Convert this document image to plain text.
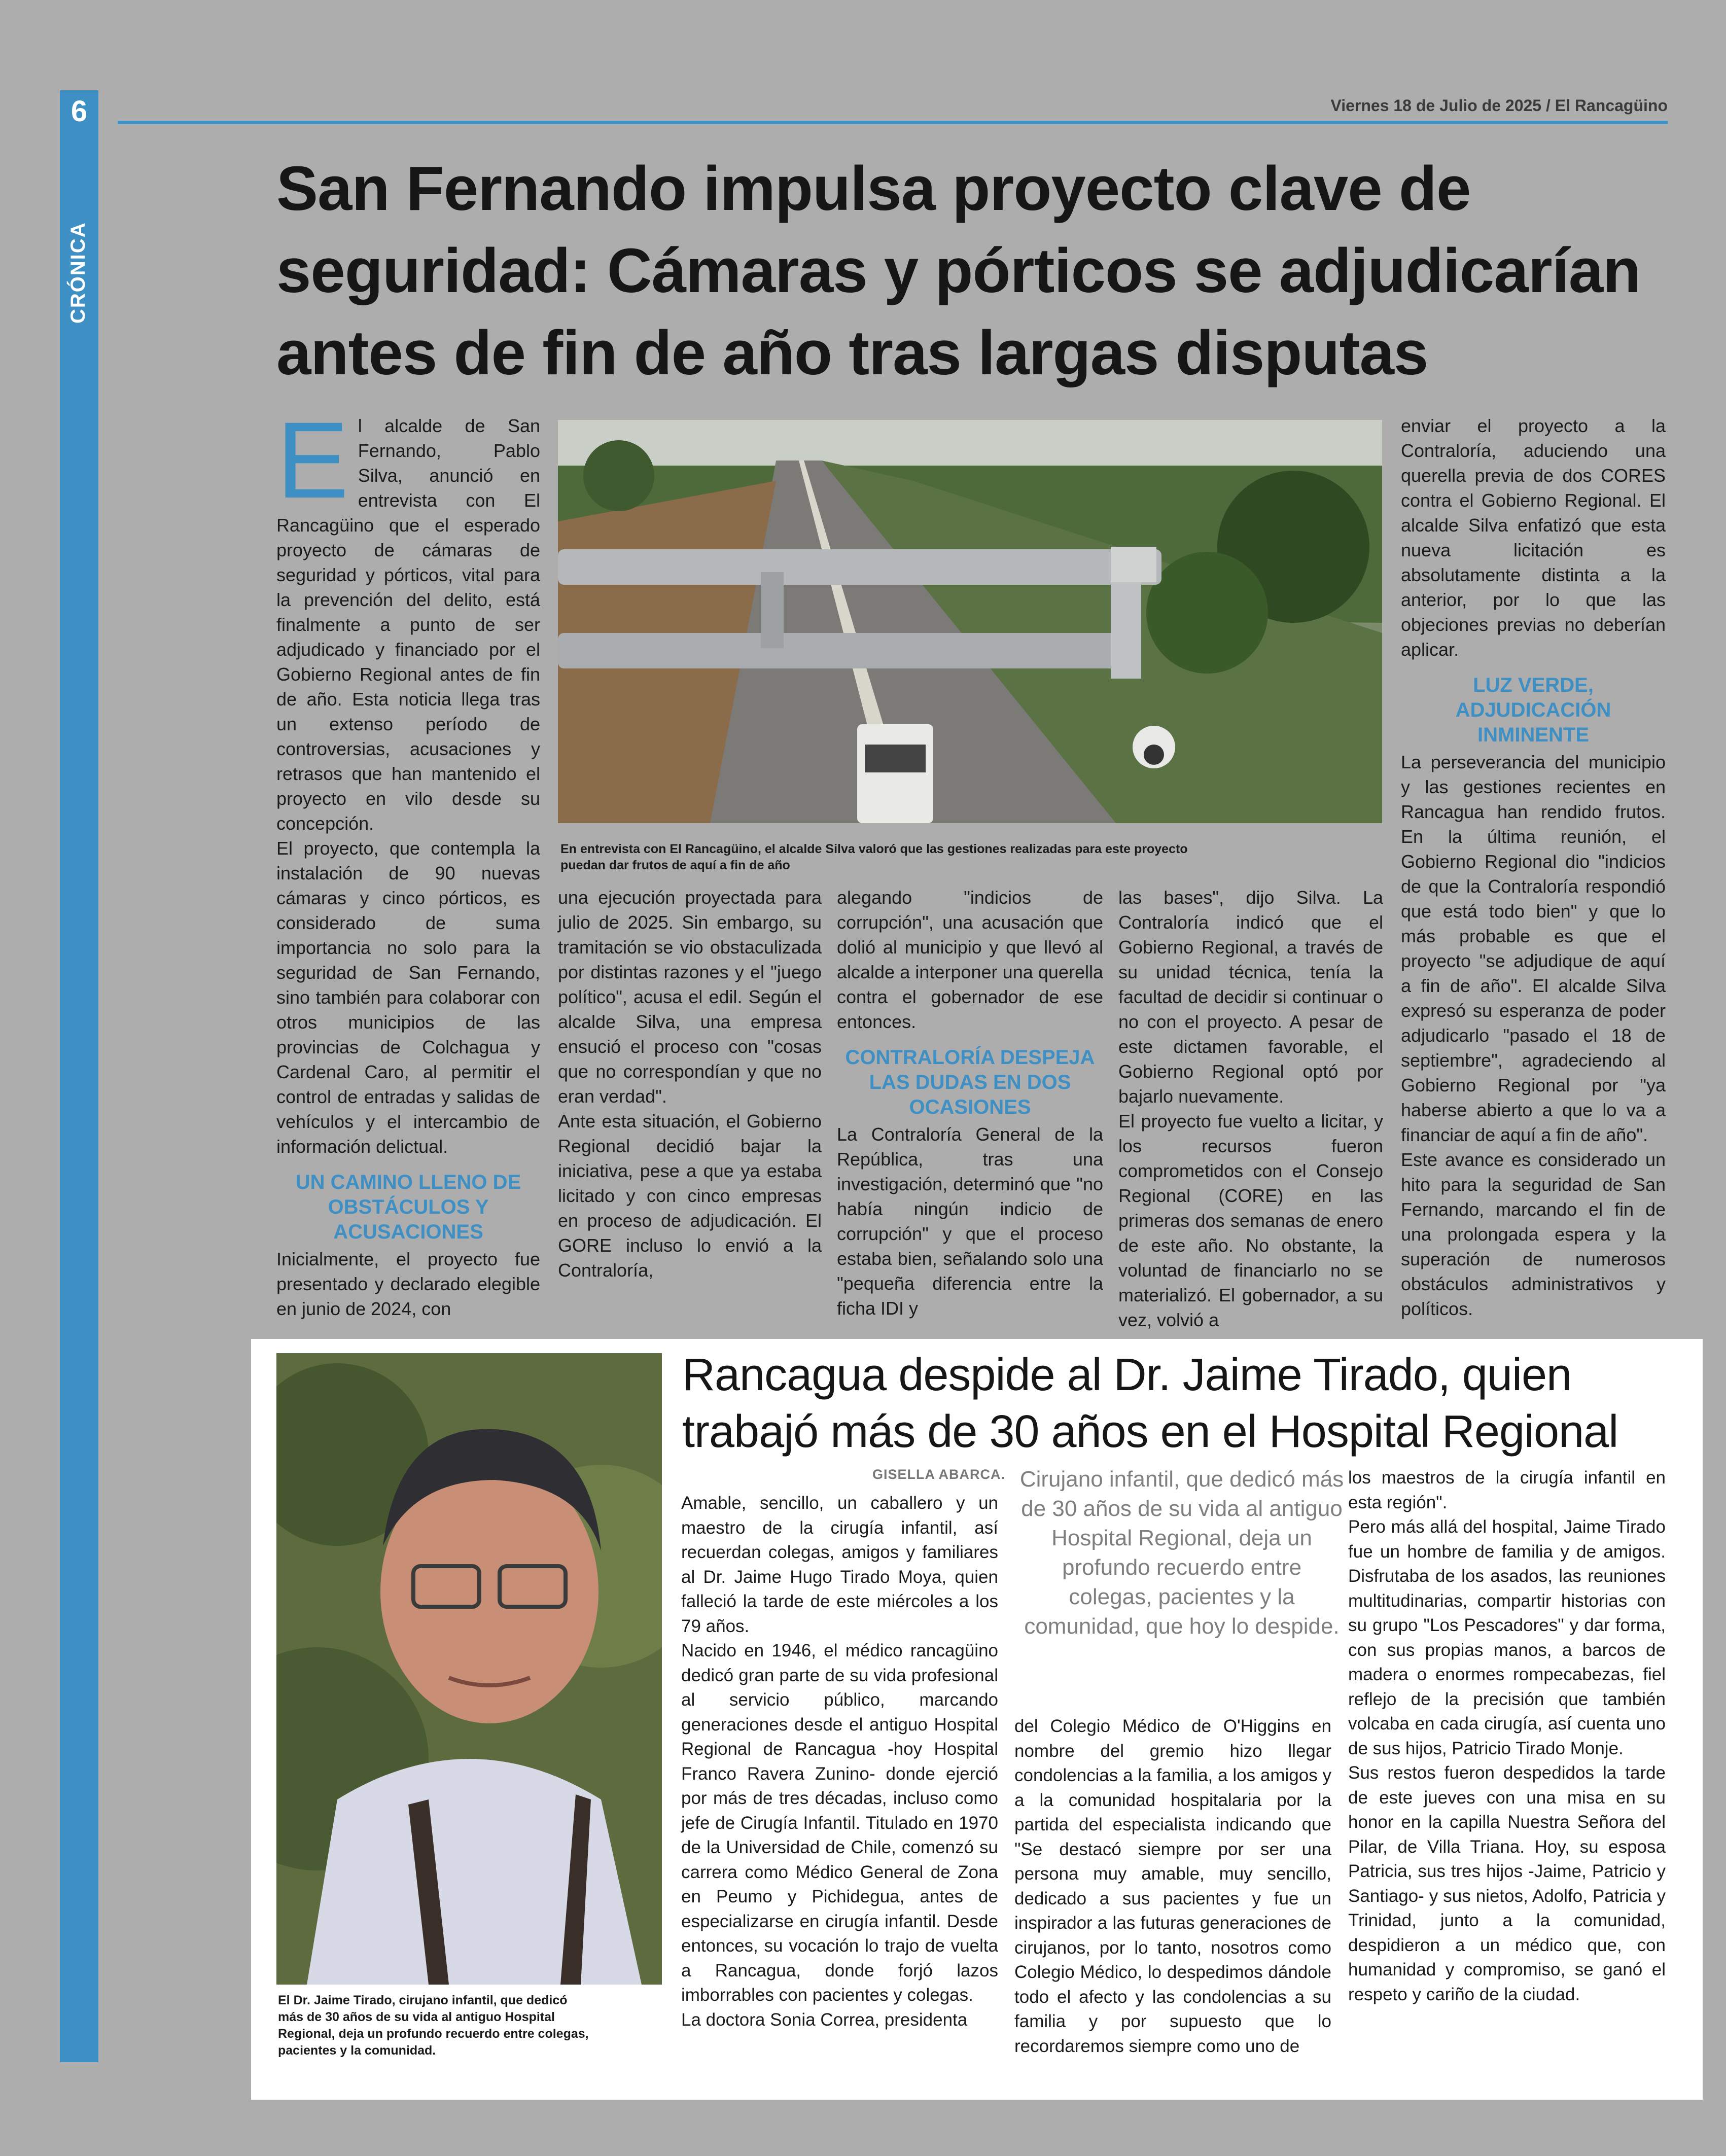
6
CRÓNICA
Viernes 18 de Julio de 2025 / El Rancagüino
San Fernando impulsa proyecto clave de seguridad: Cámaras y pórticos se adjudicarían antes de fin de año tras largas disputas

El alcalde de San Fernando, Pablo Silva, anunció en entrevista con El Rancagüino que el esperado proyecto de cámaras de seguridad y pórticos, vital para la prevención del delito, está finalmente a punto de ser adjudicado y financiado por el Gobierno Regional antes de fin de año. Esta noticia llega tras un extenso período de controversias, acusaciones y retrasos que han mantenido el proyecto en vilo desde su concepción.

El proyecto, que contempla la instalación de 90 nuevas cámaras y cinco pórticos, es considerado de suma importancia no solo para la seguridad de San Fernando, sino también para colaborar con otros municipios de las provincias de Colchagua y Cardenal Caro, al permitir el control de entradas y salidas de vehículos y el intercambio de información delictual.

UN CAMINO LLENO DE OBSTÁCULOS Y ACUSACIONES

Inicialmente, el proyecto fue presentado y declarado elegible en junio de 2024, con

En entrevista con El Rancagüino, el alcalde Silva valoró que las gestiones realizadas para este proyecto puedan dar frutos de aquí a fin de año

una ejecución proyectada para julio de 2025. Sin embargo, su tramitación se vio obstaculizada por distintas razones y el "juego político", acusa el edil. Según el alcalde Silva, una empresa ensució el proceso con "cosas que no correspondían y que no eran verdad".

Ante esta situación, el Gobierno Regional decidió bajar la iniciativa, pese a que ya estaba licitado y con cinco empresas en proceso de adjudicación. El GORE incluso lo envió a la Contraloría,

alegando "indicios de corrupción", una acusación que dolió al municipio y que llevó al alcalde a interponer una querella contra el gobernador de ese entonces.

CONTRALORÍA DESPEJA LAS DUDAS EN DOS OCASIONES

La Contraloría General de la República, tras una investigación, determinó que "no había ningún indicio de corrupción" y que el proceso estaba bien, señalando solo una "pequeña diferencia entre la ficha IDI y

las bases", dijo Silva. La Contraloría indicó que el Gobierno Regional, a través de su unidad técnica, tenía la facultad de decidir si continuar o no con el proyecto. A pesar de este dictamen favorable, el Gobierno Regional optó por bajarlo nuevamente.

El proyecto fue vuelto a licitar, y los recursos fueron comprometidos con el Consejo Regional (CORE) en las primeras dos semanas de enero de este año. No obstante, la voluntad de financiarlo no se materializó. El gobernador, a su vez, volvió a

enviar el proyecto a la Contraloría, aduciendo una querella previa de dos CORES contra el Gobierno Regional. El alcalde Silva enfatizó que esta nueva licitación es absolutamente distinta a la anterior, por lo que las objeciones previas no deberían aplicar.

LUZ VERDE, ADJUDICACIÓN INMINENTE

La perseverancia del municipio y las gestiones recientes en Rancagua han rendido frutos. En la última reunión, el Gobierno Regional dio "indicios de que la Contraloría respondió que está todo bien" y que lo más probable es que el proyecto "se adjudique de aquí a fin de año". El alcalde Silva expresó su esperanza de poder adjudicarlo "pasado el 18 de septiembre", agradeciendo al Gobierno Regional por "ya haberse abierto a que lo va a financiar de aquí a fin de año".

Este avance es considerado un hito para la seguridad de San Fernando, marcando el fin de una prolongada espera y la superación de numerosos obstáculos administrativos y políticos.

El Dr. Jaime Tirado, cirujano infantil, que dedicó más de 30 años de su vida al antiguo Hospital Regional, deja un profundo recuerdo entre colegas, pacientes y la comunidad.
Rancagua despide al Dr. Jaime Tirado, quien trabajó más de 30 años en el Hospital Regional
GISELLA ABARCA.

Amable, sencillo, un caballero y un maestro de la cirugía infantil, así recuerdan colegas, amigos y familiares al Dr. Jaime Hugo Tirado Moya, quien falleció la tarde de este miércoles a los 79 años.

Nacido en 1946, el médico rancagüino dedicó gran parte de su vida profesional al servicio público, marcando generaciones desde el antiguo Hospital Regional de Rancagua -hoy Hospital Franco Ravera Zunino- donde ejerció por más de tres décadas, incluso como jefe de Cirugía Infantil. Titulado en 1970 de la Universidad de Chile, comenzó su carrera como Médico General de Zona en Peumo y Pichidegua, antes de especializarse en cirugía infantil. Desde entonces, su vocación lo trajo de vuelta a Rancagua, donde forjó lazos imborrables con pacientes y colegas.

La doctora Sonia Correa, presidenta

Cirujano infantil, que dedicó más de 30 años de su vida al antiguo Hospital Regional, deja un profundo recuerdo entre colegas, pacientes y la comunidad, que hoy lo despide.

del Colegio Médico de O'Higgins en nombre del gremio hizo llegar condolencias a la familia, a los amigos y a la comunidad hospitalaria por la partida del especialista indicando que "Se destacó siempre por ser una persona muy amable, muy sencillo, dedicado a sus pacientes y fue un inspirador a las futuras generaciones de cirujanos, por lo tanto, nosotros como Colegio Médico, lo despedimos dándole todo el afecto y las condolencias a su familia y por supuesto que lo recordaremos siempre como uno de

los maestros de la cirugía infantil en esta región".

Pero más allá del hospital, Jaime Tirado fue un hombre de familia y de amigos. Disfrutaba de los asados, las reuniones multitudinarias, compartir historias con su grupo "Los Pescadores" y dar forma, con sus propias manos, a barcos de madera o enormes rompecabezas, fiel reflejo de la precisión que también volcaba en cada cirugía, así cuenta uno de sus hijos, Patricio Tirado Monje.

Sus restos fueron despedidos la tarde de este jueves con una misa en su honor en la capilla Nuestra Señora del Pilar, de Villa Triana. Hoy, su esposa Patricia, sus tres hijos -Jaime, Patricio y Santiago- y sus nietos, Adolfo, Patricia y Trinidad, junto a la comunidad, despidieron a un médico que, con humanidad y compromiso, se ganó el respeto y cariño de la ciudad.
